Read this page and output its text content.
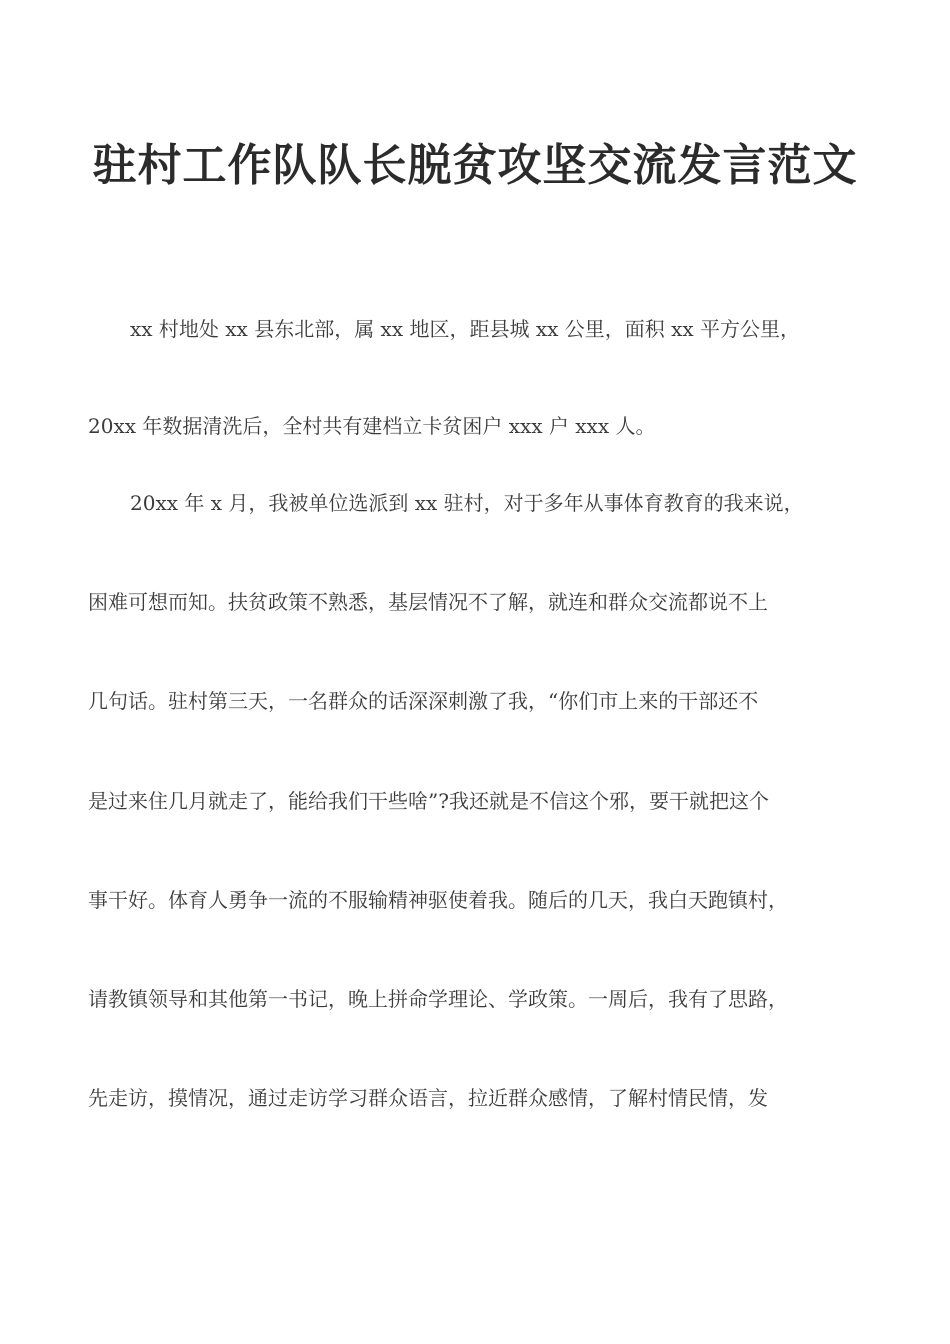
驻村工作队队长脱贫攻坚交流发言范文
xx 村地处 xx 县东北部，属 xx 地区，距县城 xx 公里，面积 xx 平方公里，
20xx 年数据清洗后，全村共有建档立卡贫困户 xxx 户 xxx 人。
20xx 年 x 月，我被单位选派到 xx 驻村，对于多年从事体育教育的我来说，
困难可想而知。扶贫政策不熟悉，基层情况不了解，就连和群众交流都说不上
几句话。驻村第三天，一名群众的话深深刺激了我，“你们市上来的干部还不
是过来住几月就走了，能给我们干些啥”?我还就是不信这个邪，要干就把这个
事干好。体育人勇争一流的不服输精神驱使着我。随后的几天，我白天跑镇村，
请教镇领导和其他第一书记，晚上拼命学理论、学政策。一周后，我有了思路，
先走访，摸情况，通过走访学习群众语言，拉近群众感情，了解村情民情，发
